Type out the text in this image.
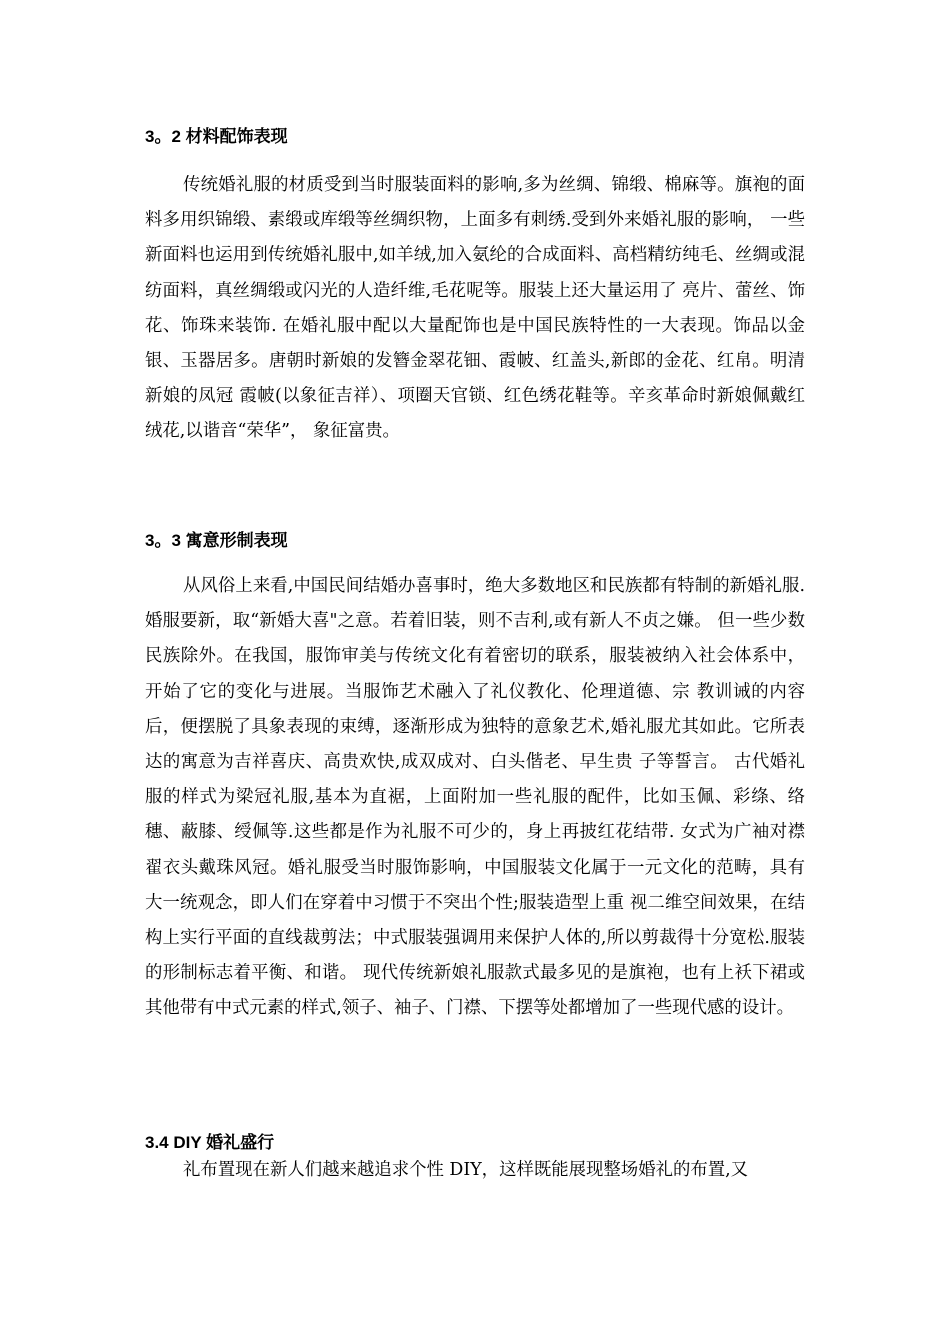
3。2 材料配饰表现

传统婚礼服的材质受到当时服装面料的影响,多为丝绸、锦缎、棉麻等。旗袍的面料多用织锦缎、素缎或库缎等丝绸织物，上面多有刺绣.受到外来婚礼服的影响， 一些新面料也运用到传统婚礼服中,如羊绒,加入氨纶的合成面料、高档精纺纯毛、丝绸或混纺面料，真丝绸缎或闪光的人造纤维,毛花呢等。服装上还大量运用了 亮片、蕾丝、饰花、饰珠来装饰. 在婚礼服中配以大量配饰也是中国民族特性的一大表现。饰品以金银、玉器居多。唐朝时新娘的发簪金翠花钿、霞帔、红盖头,新郎的金花、红帛。明清新娘的凤冠 霞帔(以象征吉祥）、项圈天官锁、红色绣花鞋等。辛亥革命时新娘佩戴红绒花,以谐音“荣华”， 象征富贵。

3。3 寓意形制表现

从风俗上来看,中国民间结婚办喜事时，绝大多数地区和民族都有特制的新婚礼服.婚服要新，取“新婚大喜"之意。若着旧装，则不吉利,或有新人不贞之嫌。 但一些少数民族除外。在我国，服饰审美与传统文化有着密切的联系，服装被纳入社会体系中，开始了它的变化与进展。当服饰艺术融入了礼仪教化、伦理道德、宗 教训诫的内容后，便摆脱了具象表现的束缚，逐渐形成为独特的意象艺术,婚礼服尤其如此。它所表达的寓意为吉祥喜庆、高贵欢快,成双成对、白头偕老、早生贵 子等誓言。 古代婚礼服的样式为梁冠礼服,基本为直裾，上面附加一些礼服的配件，比如玉佩、彩绦、络穗、蔽膝、绶佩等.这些都是作为礼服不可少的，身上再披红花结带. 女式为广袖对襟翟衣头戴珠风冠。婚礼服受当时服饰影响，中国服装文化属于一元文化的范畴，具有大一统观念，即人们在穿着中习惯于不突出个性;服装造型上重 视二维空间效果，在结构上实行平面的直线裁剪法；中式服装强调用来保护人体的,所以剪裁得十分宽松.服装的形制标志着平衡、和谐。 现代传统新娘礼服款式最多见的是旗袍，也有上袄下裙或其他带有中式元素的样式,领子、袖子、门襟、下摆等处都增加了一些现代感的设计。

3.4 DIY 婚礼盛行

礼布置现在新人们越来越追求个性 DIY，这样既能展现整场婚礼的布置,又
